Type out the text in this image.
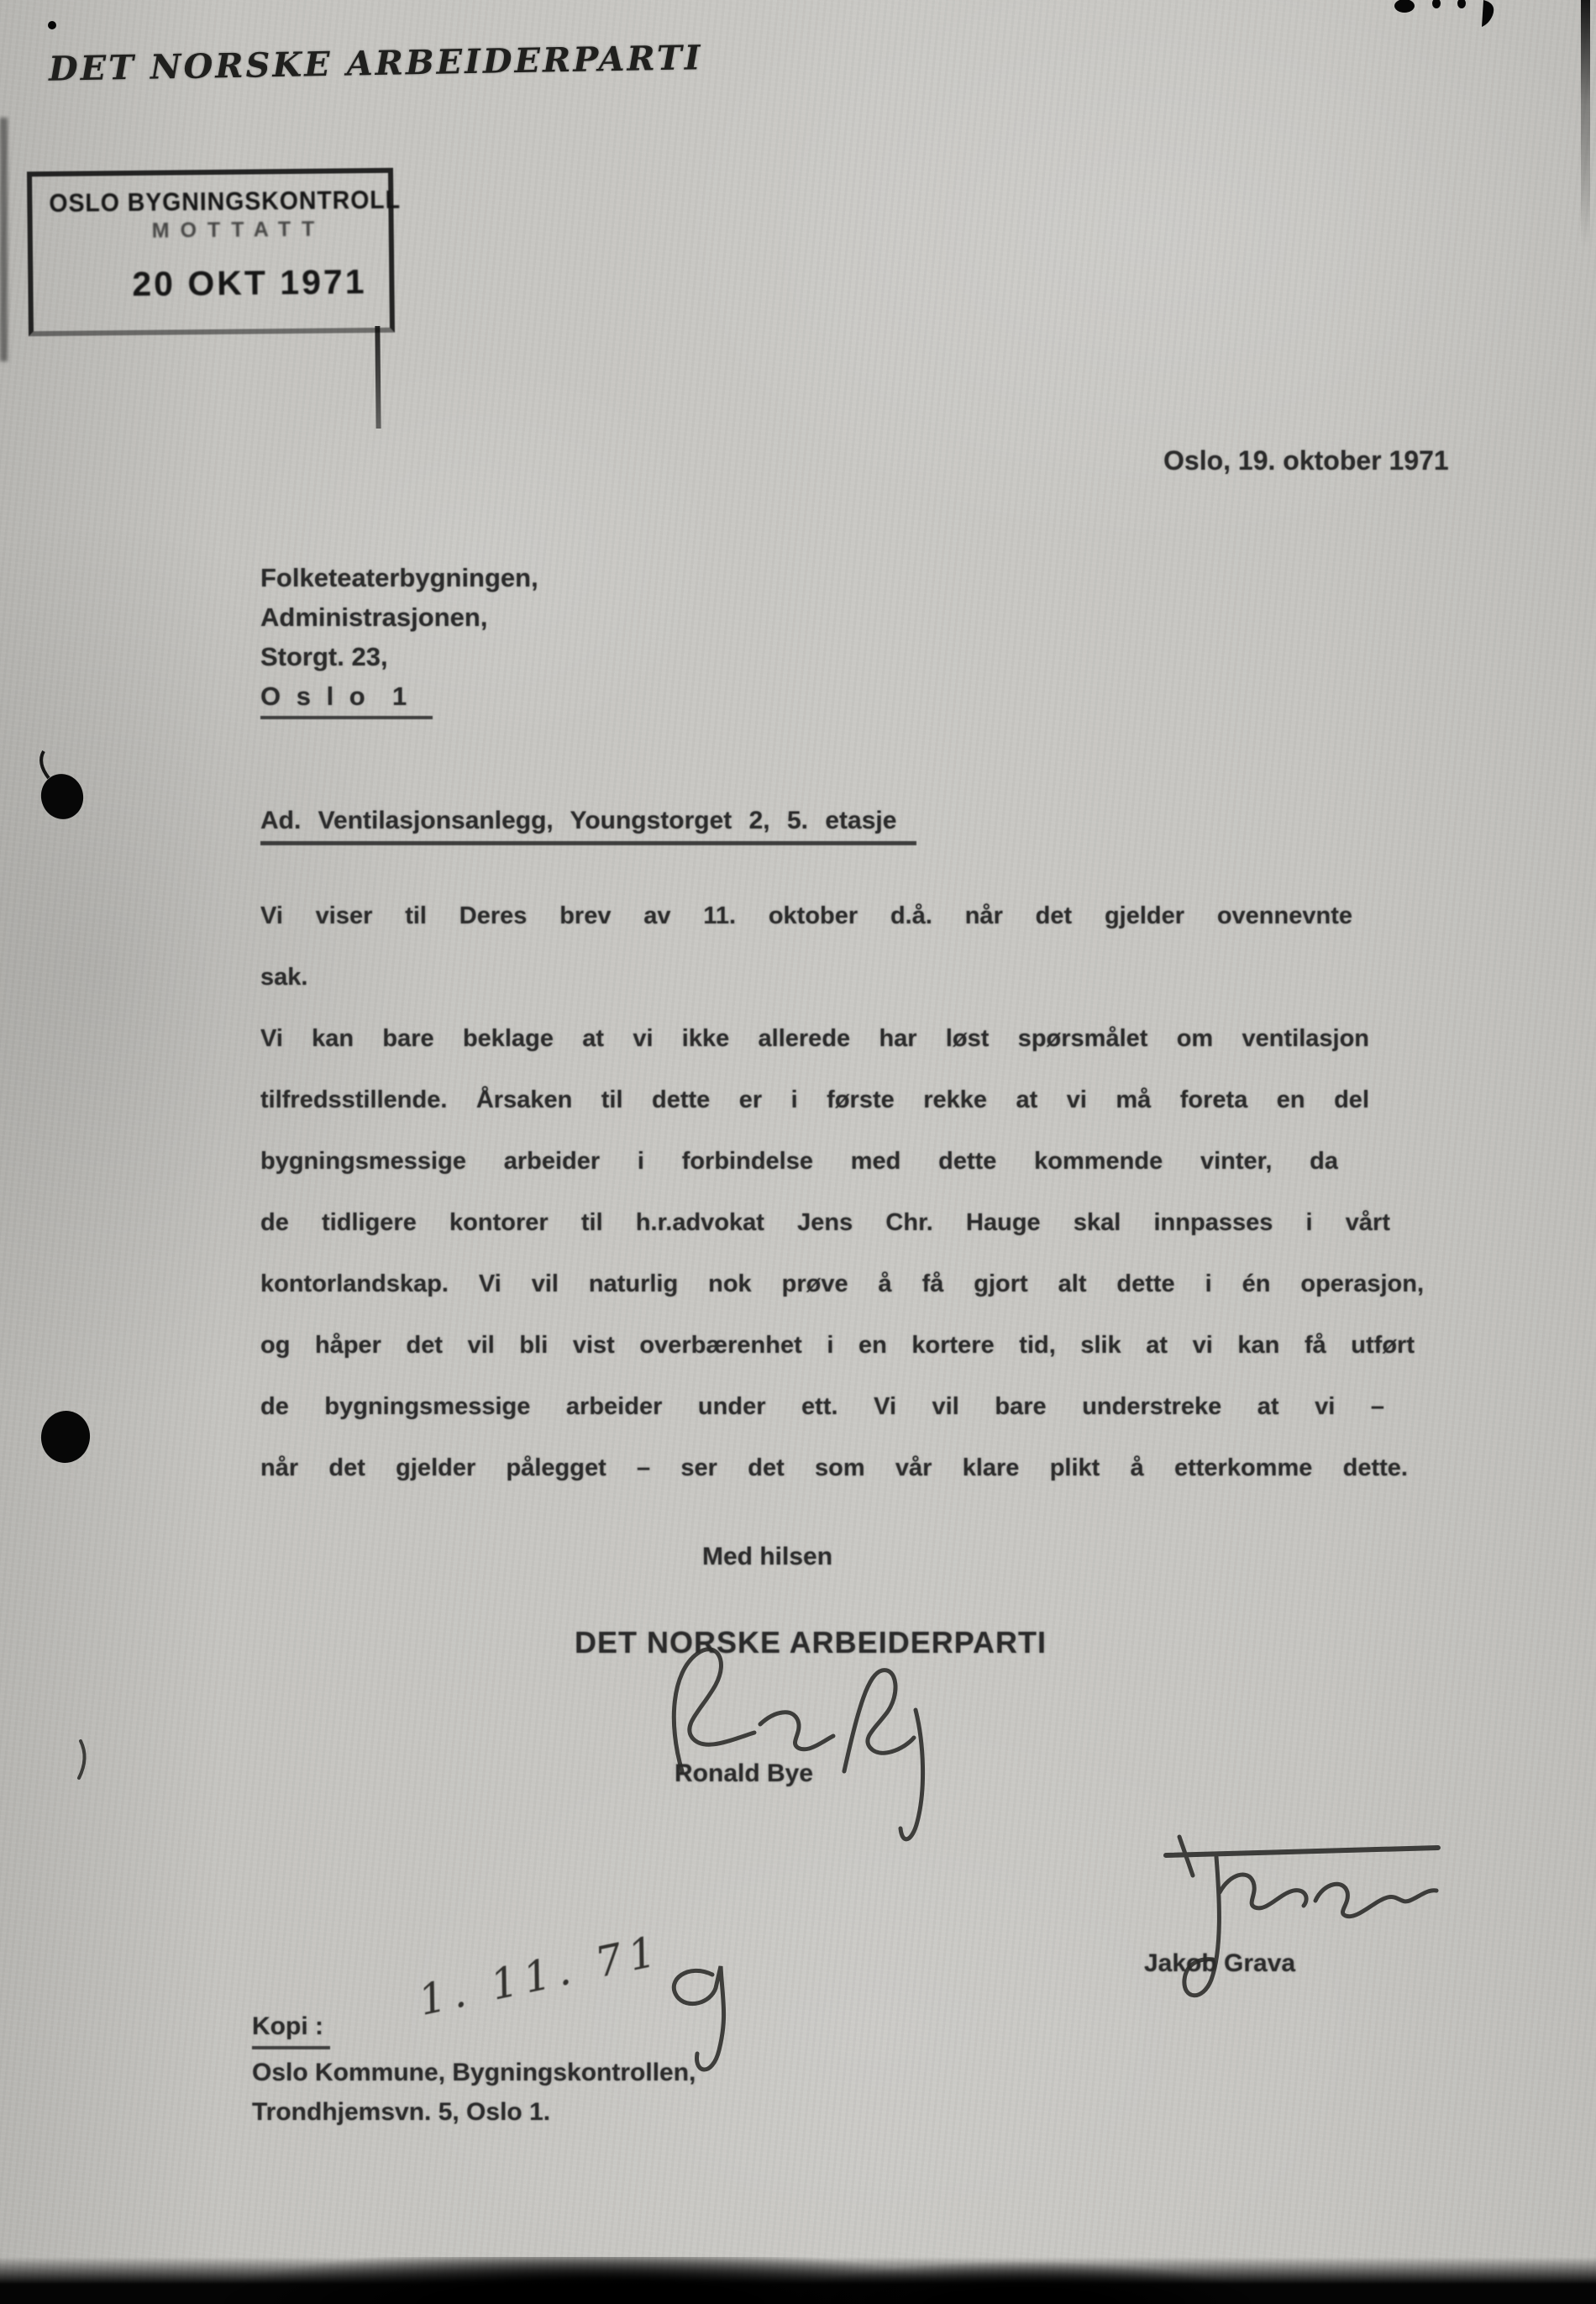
DET NORSKE ARBEIDERPARTI
OSLO BYGNINGSKONTROLL
MOTTATT
20 OKT 1971
Oslo, 19. oktober 1971
Folketeaterbygningen,
Administrasjonen,
Storgt. 23,
O s l o  1
Ad. Ventilasjonsanlegg, Youngstorget 2, 5. etasje
Vi viser til Deres brev av 11. oktober d.å. når det gjelder ovennevnte
sak.
Vi kan bare beklage at vi ikke allerede har løst spørsmålet om ventilasjon
tilfredsstillende. Årsaken til dette er i første rekke at vi må foreta en del
bygningsmessige arbeider i forbindelse med dette kommende vinter, da
de tidligere kontorer til h.r.advokat Jens Chr. Hauge skal innpasses i vårt
kontorlandskap. Vi vil naturlig nok prøve å få gjort alt dette i én operasjon,
og håper det vil bli vist overbærenhet i en kortere tid, slik at vi kan få utført
de bygningsmessige arbeider under ett. Vi vil bare understreke at vi –
når det gjelder pålegget – ser det som vår klare plikt å etterkomme dette.
Med hilsen
DET NORSKE ARBEIDERPARTI
Ronald Bye
Jakob Grava
1. 11. 71
Kopi :
Oslo Kommune, Bygningskontrollen,
Trondhjemsvn. 5, Oslo 1.
